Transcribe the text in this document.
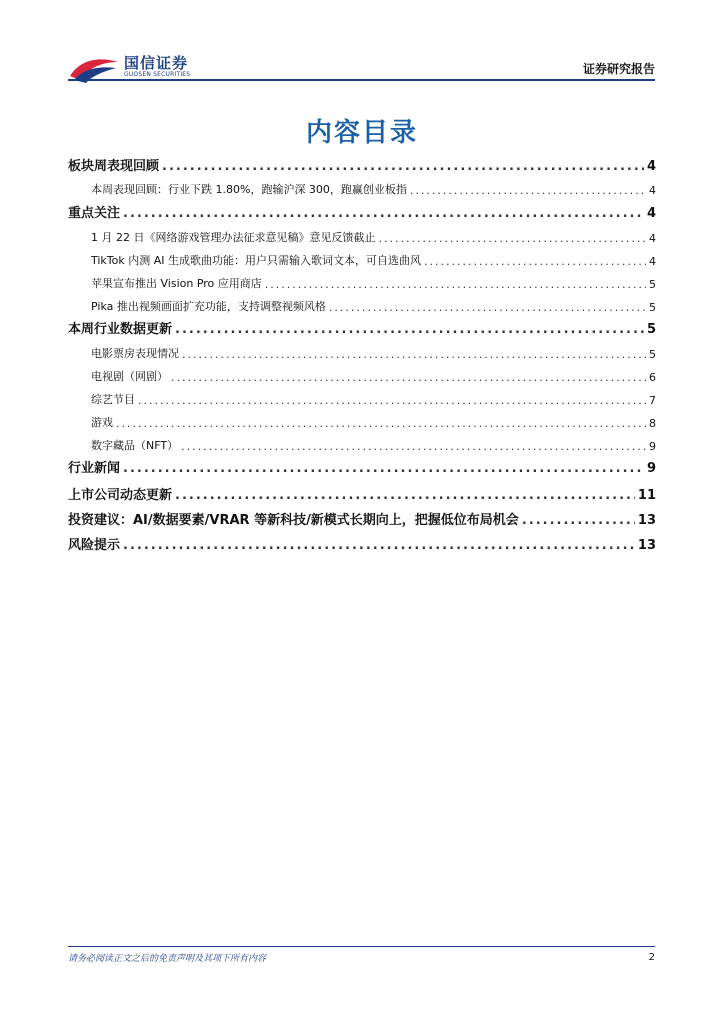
国信证券
GUOSEN SECURITIES	证券研究报告
内容目录
板块周表现回顾 .....	4
本周表现回顾：行业下跌 1.80%，跑输沪深 300，跑赢创业板指 .....	4
重点关注 .....	4
1 月 22 日《网络游戏管理办法征求意见稿》意见反馈截止 .....	4
TikTok 内测 AI 生成歌曲功能：用户只需输入歌词文本，可自选曲风 .....	4
苹果宣布推出 Vision Pro 应用商店 .....	5
Pika 推出视频画面扩充功能，支持调整视频风格 .....	5
本周行业数据更新 .....	5
电影票房表现情况 .....	5
电视剧（网剧） .....	6
综艺节目 .....	7
游戏 .....	8
数字藏品（NFT） .....	9
行业新闻 .....	9
上市公司动态更新 .....	11
投资建议：AI/数据要素/VRAR 等新科技/新模式长期向上，把握低位布局机会 .....	13
风险提示 .....	13
请务必阅读正文之后的免责声明及其项下所有内容	2
